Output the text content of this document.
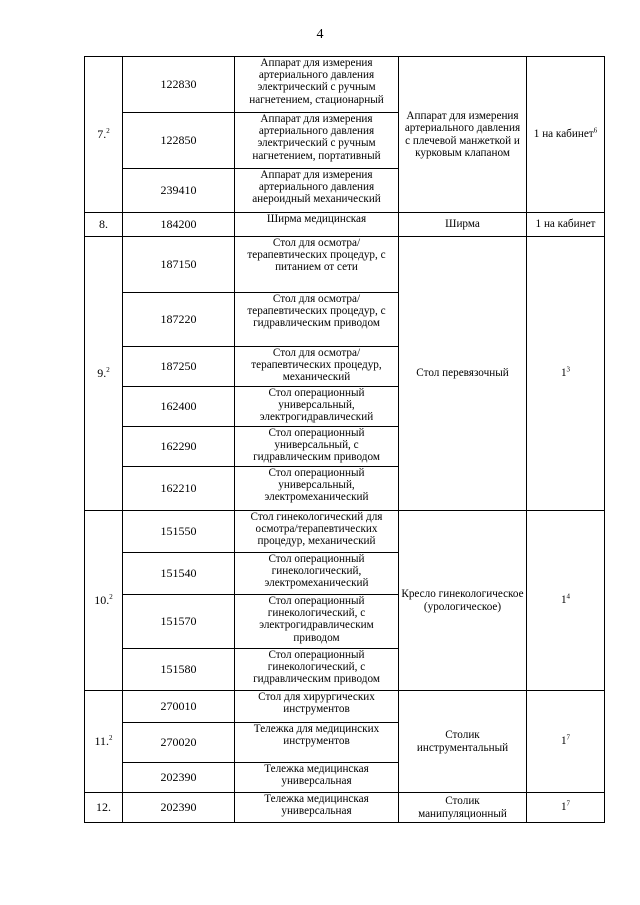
4
7.$^2$	122830	Аппарат для измерения артериального давления электрический с ручным нагнетением, стационарный	Аппарат для измерения артериального давления с плечевой манжеткой и курковым клапаном	1 на кабинет$^6$
	122850	Аппарат для измерения артериального давления электрический с ручным нагнетением, портативный		
	239410	Аппарат для измерения артериального давления анероидный механический		
8.	184200	Ширма медицинская	Ширма	1 на кабинет
9.$^2$	187150	Стол для осмотра/терапевтических процедур, с питанием от сети	Стол перевязочный	$1^3$
	187220	Стол для осмотра/терапевтических процедур, с гидравлическим приводом		
	187250	Стол для осмотра/терапевтических процедур, механический		
	162400	Стол операционный универсальный, электрогидравлический		
	162290	Стол операционный универсальный, с гидравлическим приводом		
	162210	Стол операционный универсальный, электромеханический		
10.$^2$	151550	Стол гинекологический для осмотра/терапевтических процедур, механический	Кресло гинекологическое (урологическое)	$1^4$
	151540	Стол операционный гинекологический, электромеханический		
	151570	Стол операционный гинекологический, с электрогидравлическим приводом		
	151580	Стол операционный гинекологический, с гидравлическим приводом		
11.$^2$	270010	Стол для хирургических инструментов	Столик инструментальный	$1^7$
	270020	Тележка для медицинских инструментов		
	202390	Тележка медицинская универсальная		
12.	202390	Тележка медицинская универсальная	Столик манипуляционный	$1^7$
